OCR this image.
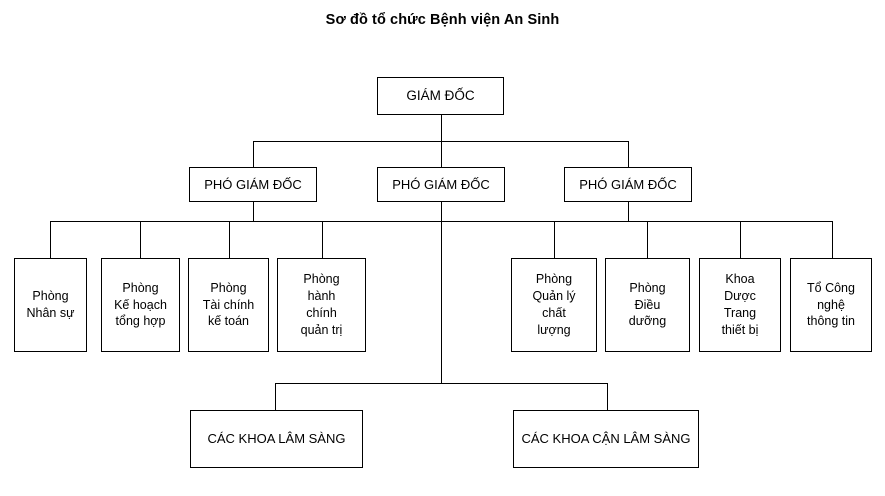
Sơ đồ tổ chức Bệnh viện An Sinh
GIÁM ĐỐC
PHÓ GIÁM ĐỐC	PHÓ GIÁM ĐỐC	PHÓ GIÁM ĐỐC
Phòng
Nhân sự
Phòng
Kế hoạch
tổng hợp
Phòng
Tài chính
kế toán
Phòng
hành
chính
quản trị
Phòng
Quản lý
chất
lượng
Phòng
Điều
dưỡng
Khoa
Dược
Trang
thiết bị
Tổ Công
nghệ
thông tin
CÁC KHOA LÂM SÀNG	CÁC KHOA CẬN LÂM SÀNG
